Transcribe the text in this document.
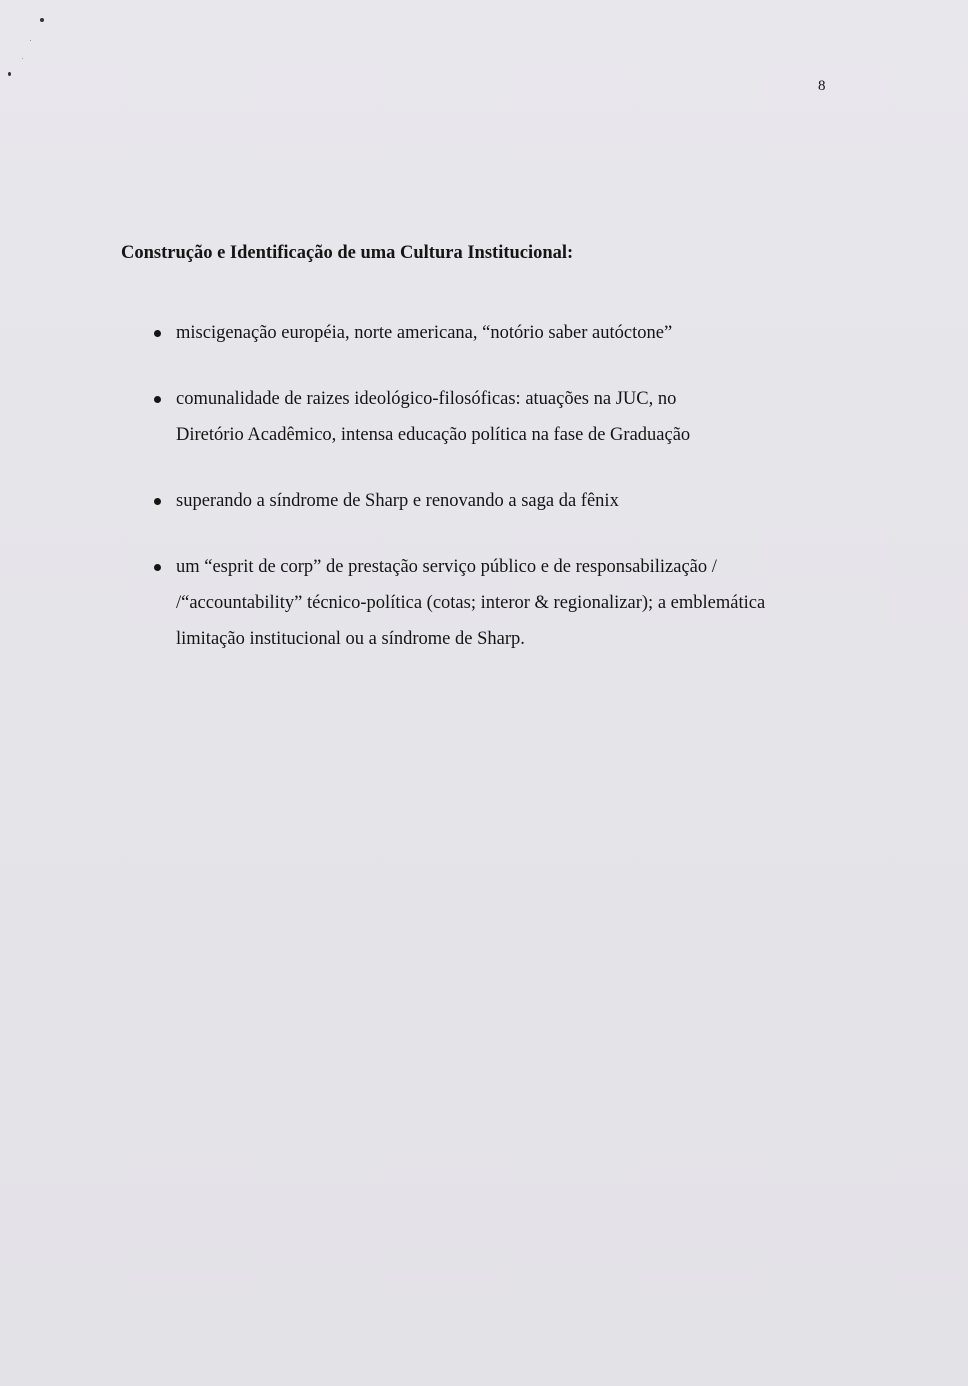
8
Construção e Identificação de uma Cultura Institucional:
miscigenação européia, norte americana, “notório saber autóctone”
comunalidade de raizes ideológico-filosóficas: atuações na JUC, no
Diretório Acadêmico, intensa educação política na fase de Graduação
superando a síndrome de Sharp e renovando a saga da fênix
um “esprit de corp” de prestação serviço público e de responsabilização /
/“accountability” técnico-política (cotas; interor & regionalizar); a emblemática
limitação institucional ou a síndrome de Sharp.
